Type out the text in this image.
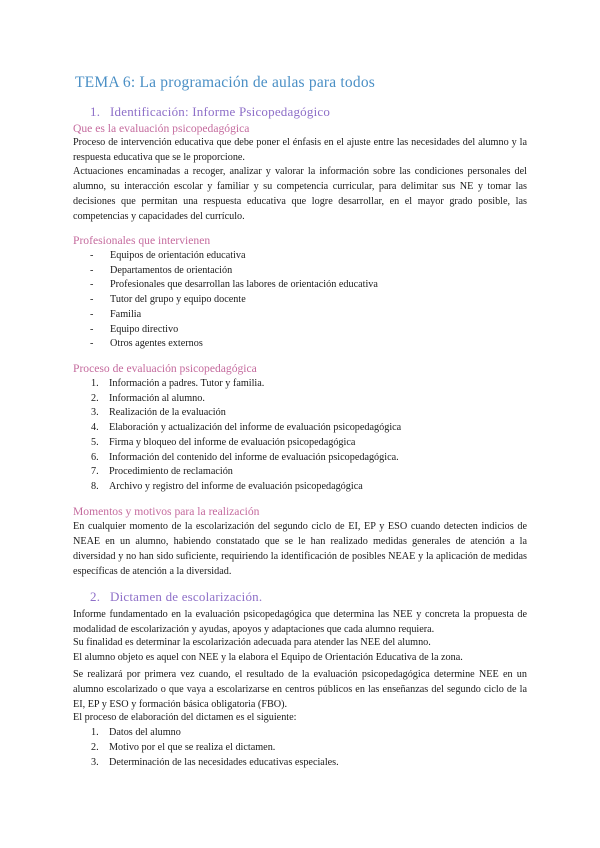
TEMA 6: La programación de aulas para todos
1. Identificación: Informe Psicopedagógico
Que es la evaluación psicopedagógica
Proceso de intervención educativa que debe poner el énfasis en el ajuste entre las necesidades del alumno y la respuesta educativa que se le proporcione.
Actuaciones encaminadas a recoger, analizar y valorar la información sobre las condiciones personales del alumno, su interacción escolar y familiar y su competencia curricular, para delimitar sus NE y tomar las decisiones que permitan una respuesta educativa que logre desarrollar, en el mayor grado posible, las competencias y capacidades del currículo.
Profesionales que intervienen
- Equipos de orientación educativa
- Departamentos de orientación
- Profesionales que desarrollan las labores de orientación educativa
- Tutor del grupo y equipo docente
- Familia
- Equipo directivo
- Otros agentes externos
Proceso de evaluación psicopedagógica
1. Información a padres. Tutor y familia.
2. Información al alumno.
3. Realización de la evaluación
4. Elaboración y actualización del informe de evaluación psicopedagógica
5. Firma y bloqueo del informe de evaluación psicopedagógica
6. Información del contenido del informe de evaluación psicopedagógica.
7. Procedimiento de reclamación
8. Archivo y registro del informe de evaluación psicopedagógica
Momentos y motivos para la realización
En cualquier momento de la escolarización del segundo ciclo de EI, EP y ESO cuando detecten indicios de NEAE en un alumno, habiendo constatado que se le han realizado medidas generales de atención a la diversidad y no han sido suficiente, requiriendo la identificación de posibles NEAE y la aplicación de medidas específicas de atención a la diversidad.
2. Dictamen de escolarización.
Informe fundamentado en la evaluación psicopedagógica que determina las NEE y concreta la propuesta de modalidad de escolarización y ayudas, apoyos y adaptaciones que cada alumno requiera.
Su finalidad es determinar la escolarización adecuada para atender las NEE del alumno.
El alumno objeto es aquel con NEE y la elabora el Equipo de Orientación Educativa de la zona.
Se realizará por primera vez cuando, el resultado de la evaluación psicopedagógica determine NEE en un alumno escolarizado o que vaya a escolarizarse en centros públicos en las enseñanzas del segundo ciclo de la EI, EP y ESO y formación básica obligatoria (FBO).
El proceso de elaboración del dictamen es el siguiente:
1. Datos del alumno
2. Motivo por el que se realiza el dictamen.
3. Determinación de las necesidades educativas especiales.
